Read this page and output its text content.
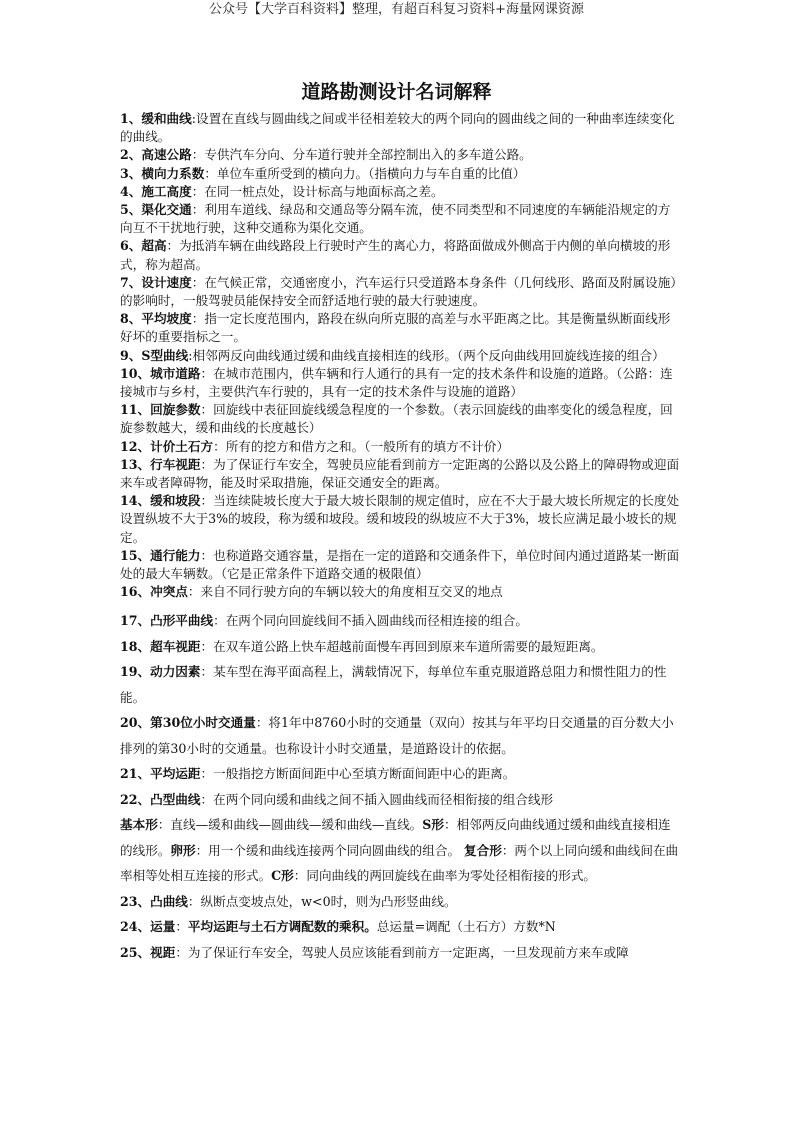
公众号【大学百科资料】整理，有超百科复习资料+海量网课资源
道路勘测设计名词解释

1、缓和曲线:设置在直线与圆曲线之间或半径相差较大的两个同向的圆曲线之间的一种曲率连续变化的曲线。

2、高速公路：专供汽车分向、分车道行驶并全部控制出入的多车道公路。

3、横向力系数：单位车重所受到的横向力。（指横向力与车自重的比值）

4、施工高度：在同一桩点处，设计标高与地面标高之差。

5、渠化交通：利用车道线、绿岛和交通岛等分隔车流，使不同类型和不同速度的车辆能沿规定的方向互不干扰地行驶，这种交通称为渠化交通。

6、超高：为抵消车辆在曲线路段上行驶时产生的离心力，将路面做成外侧高于内侧的单向横坡的形式，称为超高。

7、设计速度：在气候正常，交通密度小，汽车运行只受道路本身条件（几何线形、路面及附属设施）的影响时，一般驾驶员能保持安全而舒适地行驶的最大行驶速度。

8、平均坡度：指一定长度范围内，路段在纵向所克服的高差与水平距离之比。其是衡量纵断面线形好坏的重要指标之一。

9、S型曲线:相邻两反向曲线通过缓和曲线直接相连的线形。（两个反向曲线用回旋线连接的组合）

10、城市道路：在城市范围内，供车辆和行人通行的具有一定的技术条件和设施的道路。（公路：连接城市与乡村，主要供汽车行驶的，具有一定的技术条件与设施的道路）

11、回旋参数：回旋线中表征回旋线缓急程度的一个参数。（表示回旋线的曲率变化的缓急程度，回旋参数越大，缓和曲线的长度越长）

12、计价土石方：所有的挖方和借方之和。（一般所有的填方不计价）

13、行车视距：为了保证行车安全，驾驶员应能看到前方一定距离的公路以及公路上的障碍物或迎面来车或者障碍物，能及时采取措施，保证交通安全的距离。

14、缓和坡段：当连续陡坡长度大于最大坡长限制的规定值时，应在不大于最大坡长所规定的长度处设置纵坡不大于3%的坡段，称为缓和坡段。缓和坡段的纵坡应不大于3%，坡长应满足最小坡长的规定。

15、通行能力：也称道路交通容量，是指在一定的道路和交通条件下，单位时间内通过道路某一断面处的最大车辆数。（它是正常条件下道路交通的极限值）

16、冲突点：来自不同行驶方向的车辆以较大的角度相互交叉的地点

17、凸形平曲线：在两个同向回旋线间不插入圆曲线而径相连接的组合。

18、超车视距：在双车道公路上快车超越前面慢车再回到原来车道所需要的最短距离。

19、动力因素：某车型在海平面高程上，满载情况下，每单位车重克服道路总阻力和惯性阻力的性能。

20、第30位小时交通量：将1年中8760小时的交通量（双向）按其与年平均日交通量的百分数大小排列的第30小时的交通量。也称设计小时交通量，是道路设计的依据。

21、平均运距：一般指挖方断面间距中心至填方断面间距中心的距离。

22、凸型曲线：在两个同向缓和曲线之间不插入圆曲线而径相衔接的组合线形

基本形：直线—缓和曲线—圆曲线—缓和曲线—直线。S形：相邻两反向曲线通过缓和曲线直接相连的线形。卵形：用一个缓和曲线连接两个同向圆曲线的组合。 复合形：两个以上同向缓和曲线间在曲率相等处相互连接的形式。C形：同向曲线的两回旋线在曲率为零处径相衔接的形式。

23、凸曲线：纵断点变坡点处，w<0时，则为凸形竖曲线。

24、运量：平均运距与土石方调配数的乘积。总运量=调配（土石方）方数*N

25、视距：为了保证行车安全，驾驶人员应该能看到前方一定距离，一旦发现前方来车或障
